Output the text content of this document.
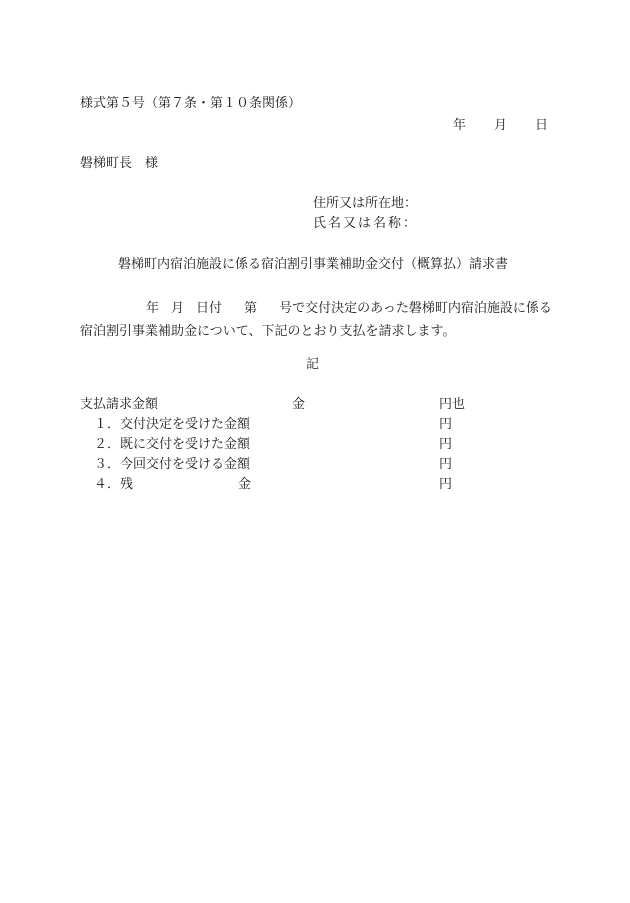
様式第５号（第７条・第１０条関係）
年 月 日
磐梯町長　様
住所又は所在地：
氏名又は名称：
磐梯町内宿泊施設に係る宿泊割引事業補助金交付（概算払）請求書
年 月 日付 第 号で交付決定のあった磐梯町内宿泊施設に係る宿泊割引事業補助金について、下記のとおり支払を請求します。
記
支払請求金額	金	円也
１．交付決定を受けた金額	円
２．既に交付を受けた金額	円
３．今回交付を受ける金額	円
４．残	金	円
